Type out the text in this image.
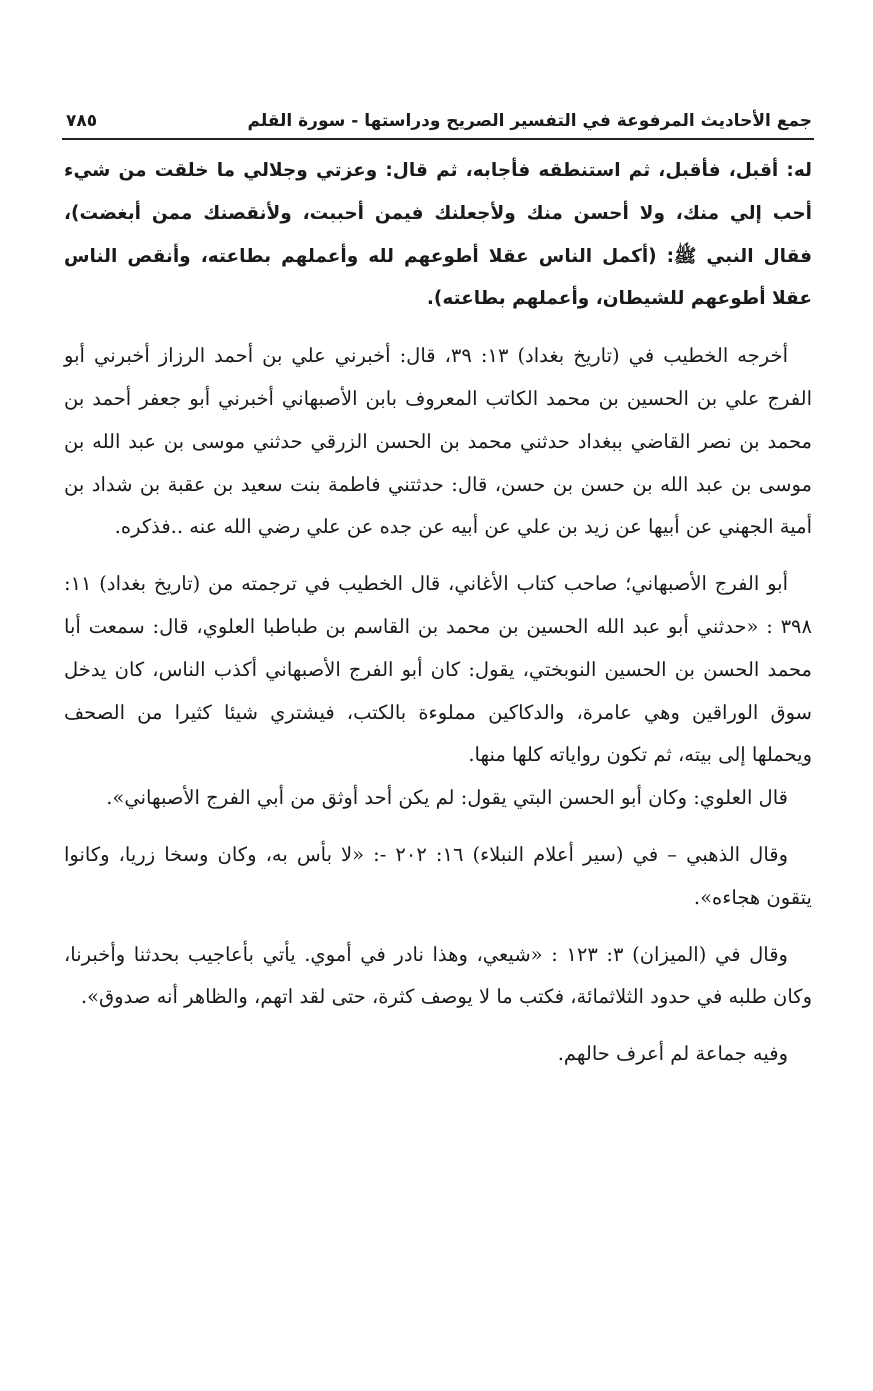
جمع الأحاديث المرفوعة في التفسير الصريح ودراستها - سورة القلم
٧٨٥

له: أقبل، فأقبل، ثم استنطقه فأجابه، ثم قال: وعزتي وجلالي ما خلقت من شيء أحب إلي منك، ولا أحسن منك ولأجعلنك فيمن أحببت، ولأنقصنك ممن أبغضت)، فقال النبي ﷺ: (أكمل الناس عقلا أطوعهم لله وأعملهم بطاعته، وأنقص الناس عقلا أطوعهم للشيطان، وأعملهم بطاعته).

أخرجه الخطيب في (تاريخ بغداد) ١٣: ٣٩، قال: أخبرني علي بن أحمد الرزاز أخبرني أبو الفرج علي بن الحسين بن محمد الكاتب المعروف بابن الأصبهاني أخبرني أبو جعفر أحمد بن محمد بن نصر القاضي ببغداد حدثني محمد بن الحسن الزرقي حدثني موسى بن عبد الله بن موسى بن عبد الله بن حسن بن حسن، قال: حدثتني فاطمة بنت سعيد بن عقبة بن شداد بن أمية الجهني عن أبيها عن زيد بن علي عن أبيه عن جده عن علي رضي الله عنه ..فذكره.

أبو الفرج الأصبهاني؛ صاحب كتاب الأغاني، قال الخطيب في ترجمته من (تاريخ بغداد) ١١: ٣٩٨ : «حدثني أبو عبد الله الحسين بن محمد بن القاسم بن طباطبا العلوي، قال: سمعت أبا محمد الحسن بن الحسين النوبختي، يقول: كان أبو الفرج الأصبهاني أكذب الناس، كان يدخل سوق الوراقين وهي عامرة، والدكاكين مملوءة بالكتب، فيشتري شيئا كثيرا من الصحف ويحملها إلى بيته، ثم تكون رواياته كلها منها.

قال العلوي: وكان أبو الحسن البتي يقول: لم يكن أحد أوثق من أبي الفرج الأصبهاني».

وقال الذهبي – في (سير أعلام النبلاء) ١٦: ٢٠٢ -: «لا بأس به، وكان وسخا زريا، وكانوا يتقون هجاءه».

وقال في (الميزان) ٣: ١٢٣ : «شيعي، وهذا نادر في أموي. يأتي بأعاجيب بحدثنا وأخبرنا، وكان طلبه في حدود الثلاثمائة، فكتب ما لا يوصف كثرة، حتى لقد اتهم، والظاهر أنه صدوق».

وفيه جماعة لم أعرف حالهم.
